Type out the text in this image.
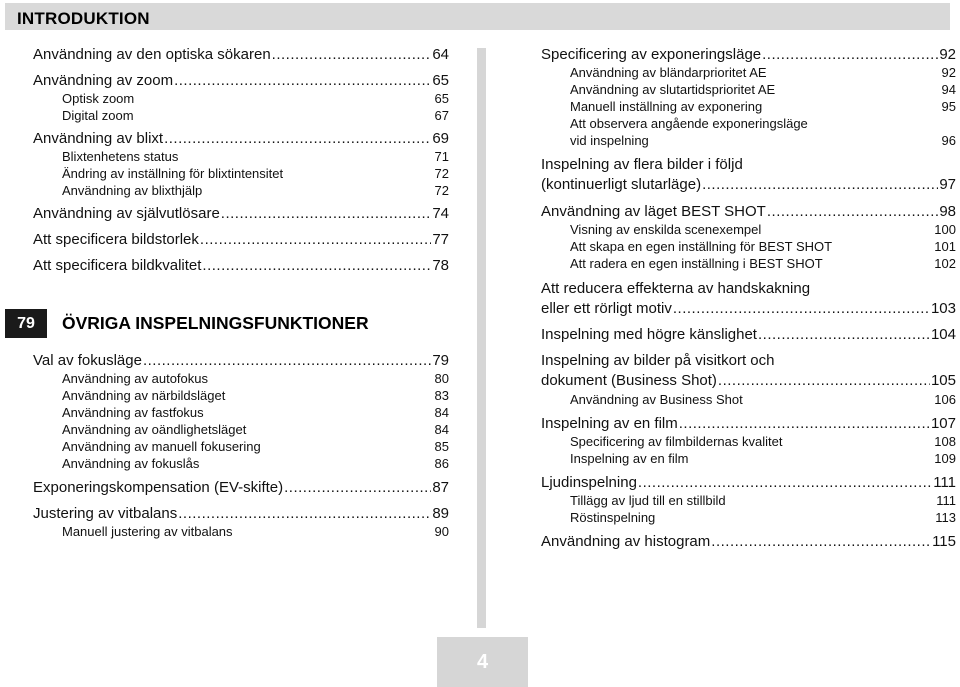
INTRODUKTION
Användning av den optiska sökaren .....	64
Användning av zoom .....	65
Optisk zoom	65
Digital zoom	67
Användning av blixt .....	69
Blixtenhetens status	71
Ändring av inställning för blixtintensitet	72
Användning av blixthjälp	72
Användning av självutlösare .....	74
Att specificera bildstorlek .....	77
Att specificera bildkvalitet .....	78
79	ÖVRIGA INSPELNINGSFUNKTIONER
Val av fokusläge .....	79
Användning av autofokus	80
Användning av närbildsläget	83
Användning av fastfokus	84
Användning av oändlighetsläget	84
Användning av manuell fokusering	85
Användning av fokuslås	86
Exponeringskompensation (EV-skifte) .....	87
Justering av vitbalans .....	89
Manuell justering av vitbalans	90
Specificering av exponeringsläge .....	92
Användning av bländarprioritet AE	92
Användning av slutartidsprioritet AE	94
Manuell inställning av exponering	95
Att observera angående exponeringsläge
vid inspelning	96
Inspelning av flera bilder i följd
(kontinuerligt slutarläge) .....	97
Användning av läget BEST SHOT .....	98
Visning av enskilda scenexempel	100
Att skapa en egen inställning för BEST SHOT	101
Att radera en egen inställning i BEST SHOT	102
Att reducera effekterna av handskakning
eller ett rörligt motiv .....	103
Inspelning med högre känslighet .....	104
Inspelning av bilder på visitkort och
dokument (Business Shot) .....	105
Användning av Business Shot	106
Inspelning av en film .....	107
Specificering av filmbildernas kvalitet	108
Inspelning av en film	109
Ljudinspelning .....	111
Tillägg av ljud till en stillbild	111
Röstinspelning	113
Användning av histogram .....	115
4
